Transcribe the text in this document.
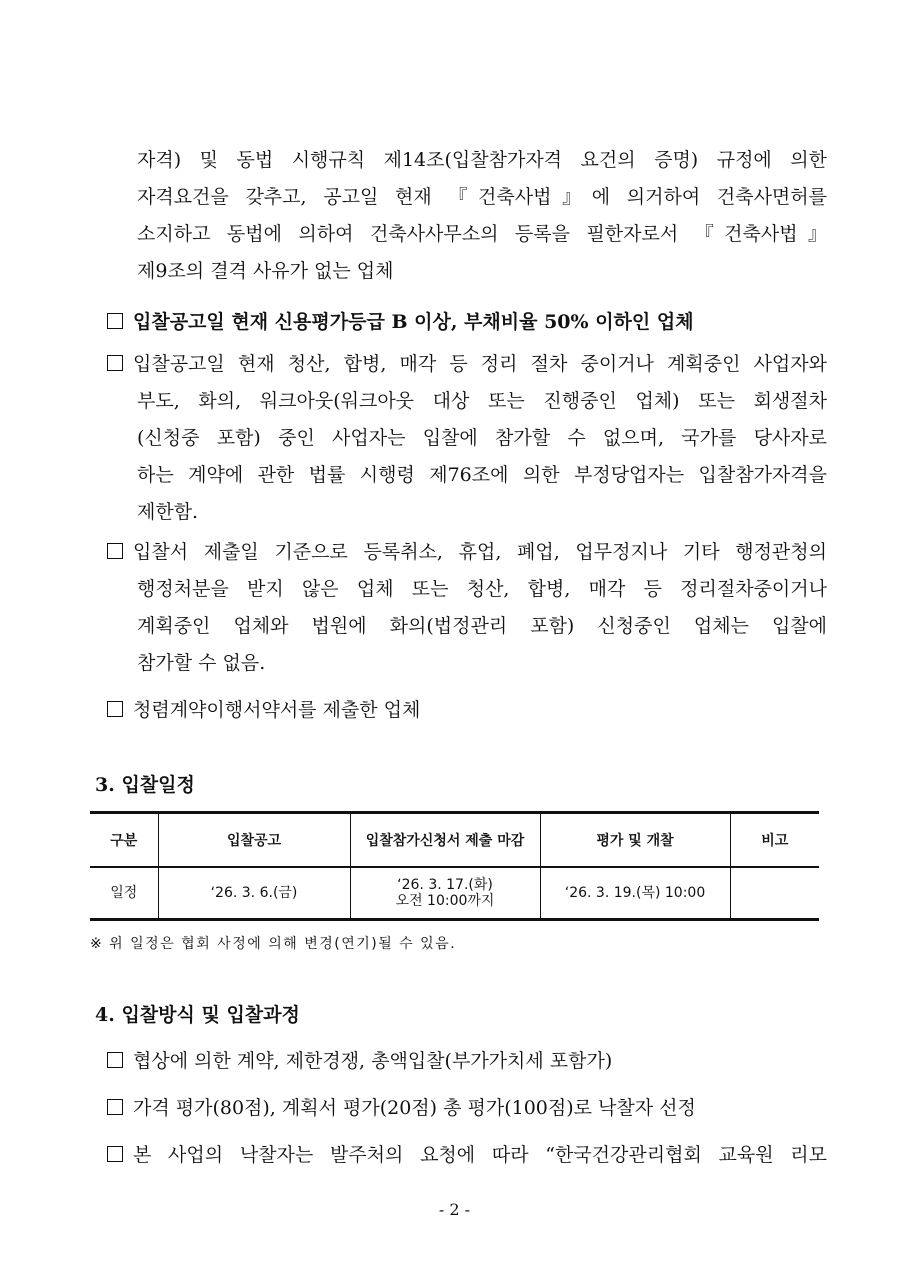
자격) 및 동법 시행규칙 제14조(입찰참가자격 요건의 증명) 규정에 의한
자격요건을 갖추고, 공고일 현재 『건축사법』에 의거하여 건축사면허를
소지하고 동법에 의하여 건축사사무소의 등록을 필한자로서 『건축사법』
제9조의 결격 사유가 없는 업체
입찰공고일 현재 신용평가등급 B 이상, 부채비율 50% 이하인 업체
입찰공고일 현재 청산, 합병, 매각 등 정리 절차 중이거나 계획중인 사업자와
부도, 화의, 워크아웃(워크아웃 대상 또는 진행중인 업체) 또는 회생절차
(신청중 포함) 중인 사업자는 입찰에 참가할 수 없으며, 국가를 당사자로
하는 계약에 관한 법률 시행령 제76조에 의한 부정당업자는 입찰참가자격을
제한함.
입찰서 제출일 기준으로 등록취소, 휴업, 폐업, 업무정지나 기타 행정관청의
행정처분을 받지 않은 업체 또는 청산, 합병, 매각 등 정리절차중이거나
계획중인 업체와 법원에 화의(법정관리 포함) 신청중인 업체는 입찰에
참가할 수 없음.
청렴계약이행서약서를 제출한 업체
3. 입찰일정
구분	입찰공고	입찰참가신청서 제출 마감	평가 및 개찰	비고
일정	‘26. 3. 6.(금)	‘26. 3. 17.(화)
오전 10:00까지	‘26. 3. 19.(목) 10:00	
※ 위 일정은 협회 사정에 의해 변경(연기)될 수 있음.
4. 입찰방식 및 입찰과정
협상에 의한 계약, 제한경쟁, 총액입찰(부가가치세 포함가)
가격 평가(80점), 계획서 평가(20점) 총 평가(100점)로 낙찰자 선정
본 사업의 낙찰자는 발주처의 요청에 따라 “한국건강관리협회 교육원 리모
- 2 -
